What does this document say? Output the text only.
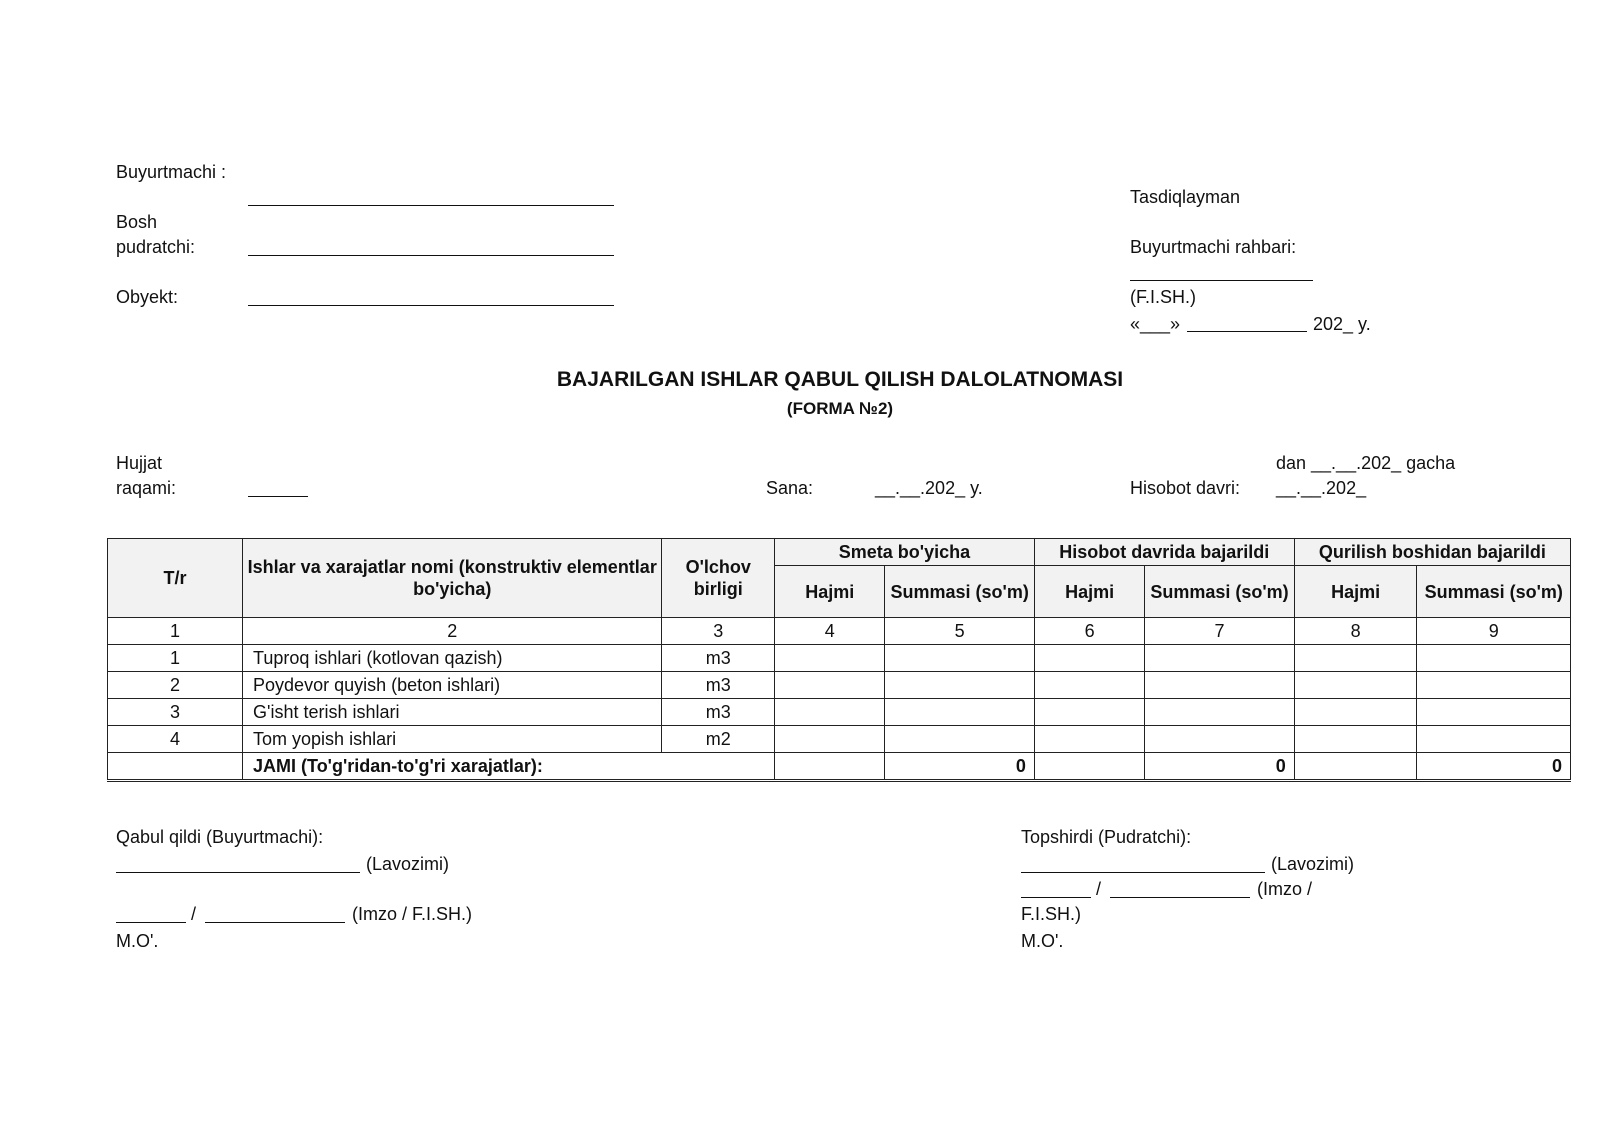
Buyurtmachi :
Bosh pudratchi:
Obyekt:
Tasdiqlayman
Buyurtmachi rahbari:
(F.I.SH.)
«___»	202_ y.
BAJARILGAN ISHLAR QABUL QILISH DALOLATNOMASI
(FORMA №2)
Hujjat raqami:	Sana:	__.__.202_ y.	Hisobot davri:
dan __.__.202_ gacha
__.__.202_
T/r	Ishlar va xarajatlar nomi (konstruktiv elementlar bo'yicha)	O'lchov birligi	Smeta bo'yicha		Hisobot davrida bajarildi		Qurilish boshidan bajarildi	
			Hajmi	Summasi (so'm)	Hajmi	Summasi (so'm)	Hajmi	Summasi (so'm)
1	2	3	4	5	6	7	8	9
1	Tuproq ishlari (kotlovan qazish)	m3						
2	Poydevor quyish (beton ishlari)	m3						
3	G'isht terish ishlari	m3						
4	Tom yopish ishlari	m2						
	JAMI (To'g'ridan-to'g'ri xarajatlar):			0		0		0
Qabul qildi (Buyurtmachi):
(Lavozimi)
/	(Imzo / F.I.SH.)
M.O'.
Topshirdi (Pudratchi):
(Lavozimi)
/	(Imzo /
F.I.SH.)
M.O'.
